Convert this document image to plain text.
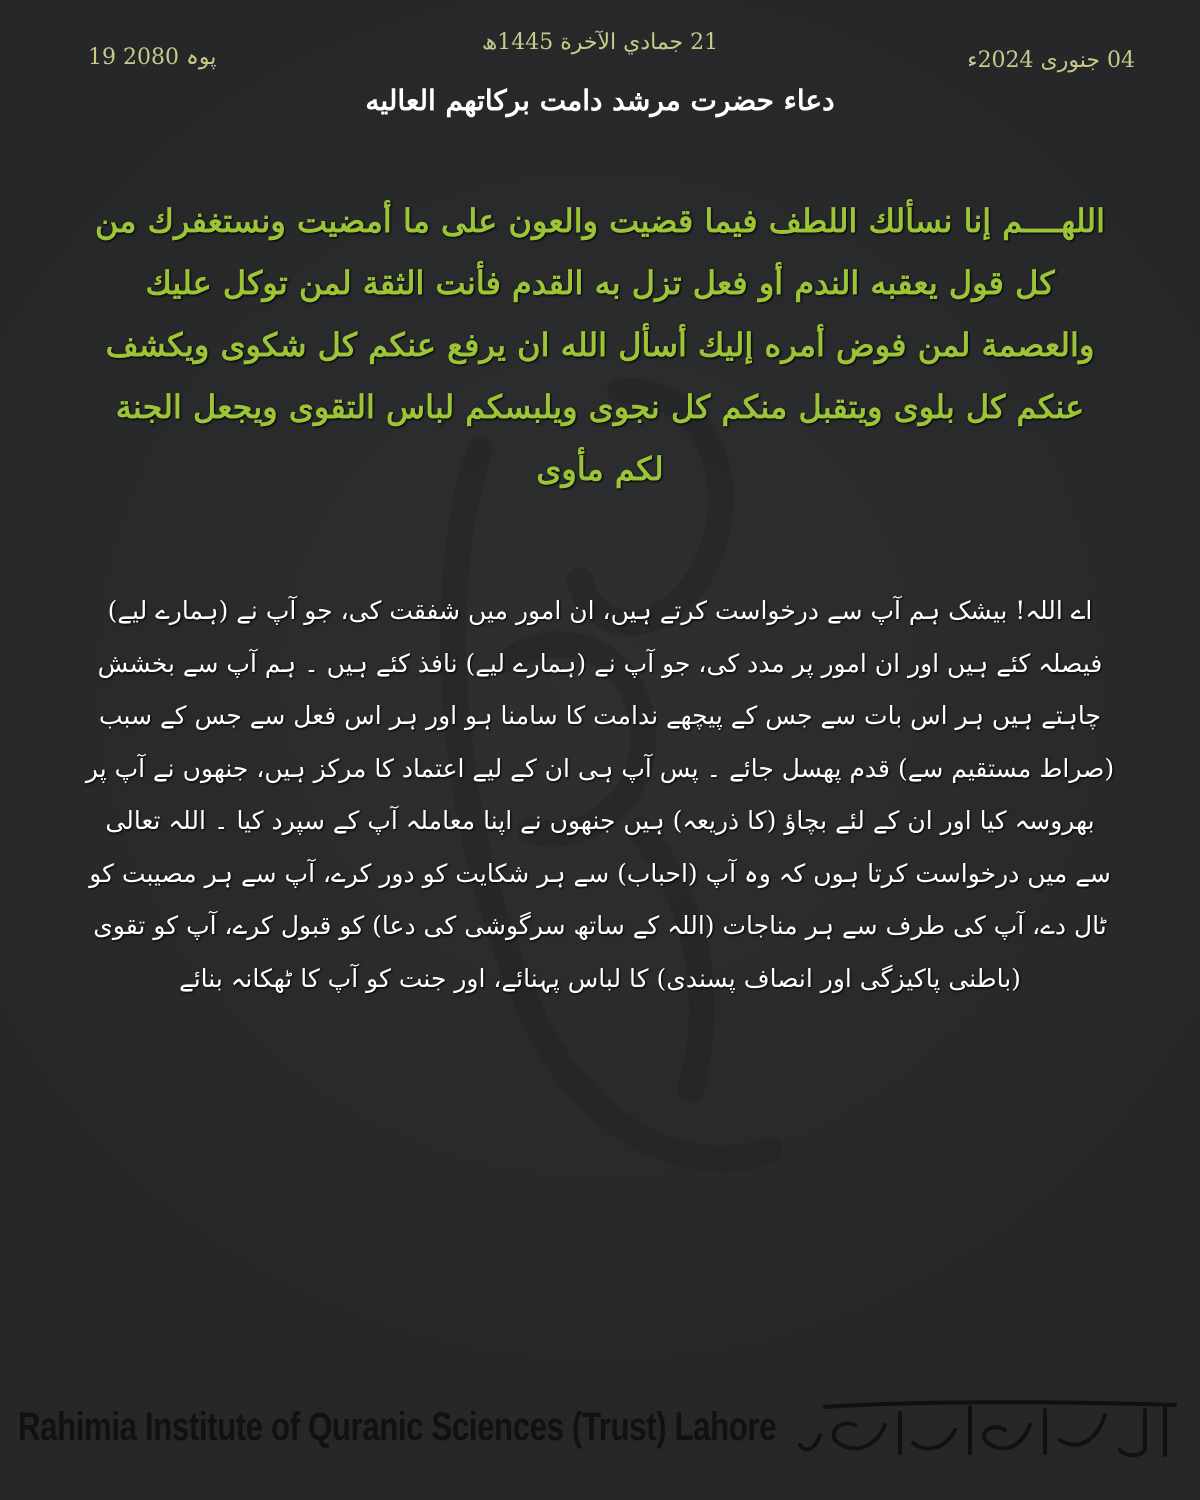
19 پوہ 2080
21 جمادي الآخرة 1445ھ
04 جنوری 2024ء
دعاء حضرت مرشد دامت برکاتهم العاليه
اللهــــم إنا نسألك اللطف فيما قضيت والعون على ما أمضيت ونستغفرك من كل قول يعقبه الندم أو فعل تزل به القدم فأنت الثقة لمن توكل عليك والعصمة لمن فوض أمره إليك أسأل الله ان يرفع عنكم كل شكوى ويكشف عنكم كل بلوى ويتقبل منكم كل نجوى ويلبسكم لباس التقوى ويجعل الجنة لكم مأوى
اے اللہ! بیشک ہم آپ سے درخواست کرتے ہیں، ان امور میں شفقت کی، جو آپ نے (ہمارے لیے) فیصلہ کئے ہیں اور ان امور پر مدد کی، جو آپ نے (ہمارے لیے) نافذ کئے ہیں ۔ ہم آپ سے بخشش چاہتے ہیں ہر اس بات سے جس کے پیچھے ندامت کا سامنا ہو اور ہر اس فعل سے جس کے سبب (صراط مستقیم سے) قدم پھسل جائے ۔ پس آپ ہی ان کے لیے اعتماد کا مرکز ہیں، جنھوں نے آپ پر بھروسہ کیا اور ان کے لئے بچاؤ (کا ذریعہ) ہیں جنھوں نے اپنا معاملہ آپ کے سپرد کیا ۔ اللہ تعالی سے میں درخواست کرتا ہوں کہ وہ آپ (احباب) سے ہر شکایت کو دور کرے، آپ سے ہر مصیبت کو ٹال دے، آپ کی طرف سے ہر مناجات (اللہ کے ساتھ سرگوشی کی دعا) کو قبول کرے، آپ کو تقوی (باطنی پاکیزگی اور انصاف پسندی) کا لباس پہنائے، اور جنت کو آپ کا ٹھکانہ بنائے
Rahimia Institute of Quranic Sciences (Trust) Lahore
